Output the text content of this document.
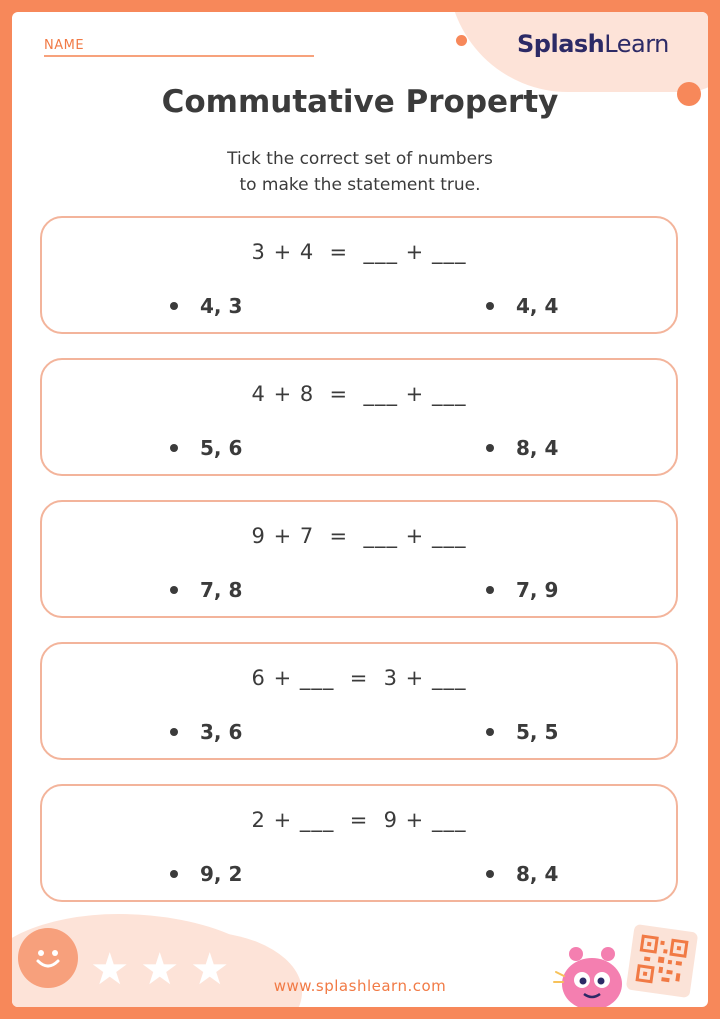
SplashLearn
NAME
Commutative Property
Tick the correct set of numbers
to make the statement true.
3 + 4  =  ___ + ___
4, 3	4, 4
4 + 8  =  ___ + ___
5, 6	8, 4
9 + 7  =  ___ + ___
7, 8	7, 9
6 + ___  =  3 + ___
3, 6	5, 5
2 + ___  =  9 + ___
9, 2	8, 4
★ ★ ★	www.splashlearn.com
